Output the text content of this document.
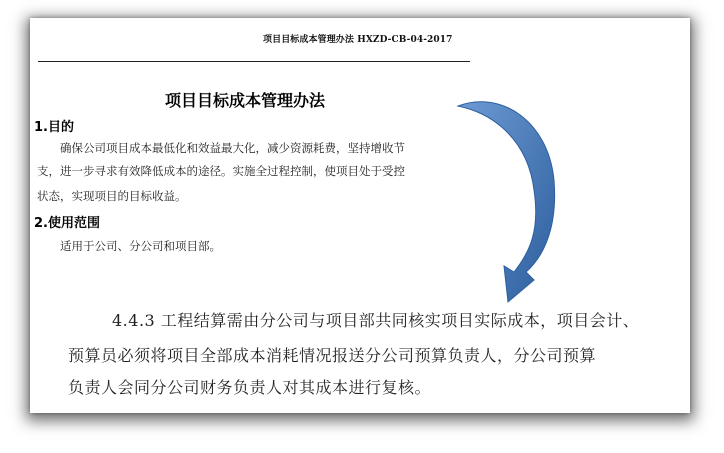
项目目标成本管理办法 HXZD-CB-04-2017
项目目标成本管理办法
1.目的
确保公司项目成本最低化和效益最大化，减少资源耗费，坚持增收节
支，进一步寻求有效降低成本的途径。实施全过程控制，使项目处于受控
状态，实现项目的目标收益。
2.使用范围
适用于公司、分公司和项目部。
4.4.3 工程结算需由分公司与项目部共同核实项目实际成本，项目会计、
预算员必须将项目全部成本消耗情况报送分公司预算负责人，分公司预算
负责人会同分公司财务负责人对其成本进行复核。
